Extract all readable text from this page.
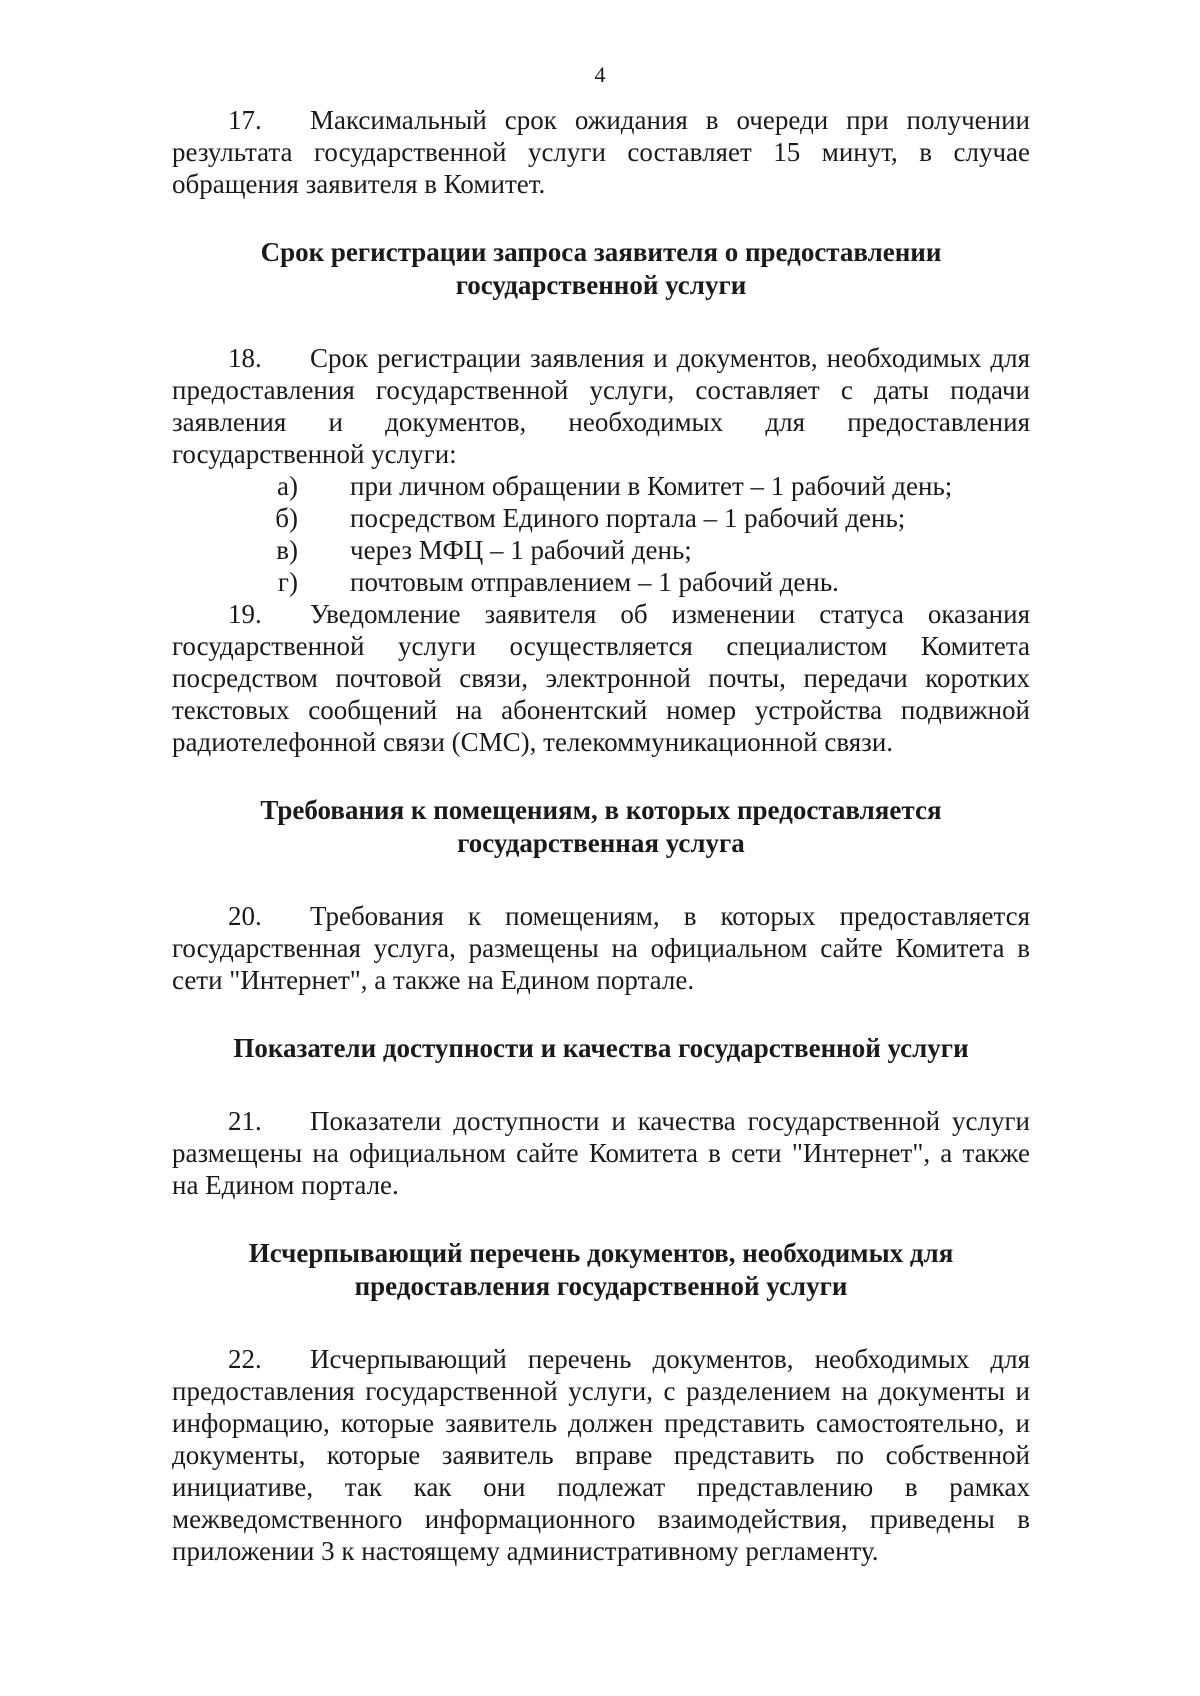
4

17. Максимальный срок ожидания в очереди при получении результата государственной услуги составляет 15 минут, в случае обращения заявителя в Комитет.

Срок регистрации запроса заявителя о предоставлении
государственной услуги

18. Срок регистрации заявления и документов, необходимых для предоставления государственной услуги, составляет с даты подачи заявления и документов, необходимых для предоставления государственной услуги:

а)	при личном обращении в Комитет – 1 рабочий день;
б)	посредством Единого портала – 1 рабочий день;
в)	через МФЦ – 1 рабочий день;
г)	почтовым отправлением – 1 рабочий день.

19. Уведомление заявителя об изменении статуса оказания государственной услуги осуществляется специалистом Комитета посредством почтовой связи, электронной почты, передачи коротких текстовых сообщений на абонентский номер устройства подвижной радиотелефонной связи (СМС), телекоммуникационной связи.

Требования к помещениям, в которых предоставляется
государственная услуга

20. Требования к помещениям, в которых предоставляется государственная услуга, размещены на официальном сайте Комитета в сети "Интернет", а также на Едином портале.

Показатели доступности и качества государственной услуги

21. Показатели доступности и качества государственной услуги размещены на официальном сайте Комитета в сети "Интернет", а также на Едином портале.

Исчерпывающий перечень документов, необходимых для
предоставления государственной услуги

22. Исчерпывающий перечень документов, необходимых для предоставления государственной услуги, с разделением на документы и информацию, которые заявитель должен представить самостоятельно, и документы, которые заявитель вправе представить по собственной инициативе, так как они подлежат представлению в рамках межведомственного информационного взаимодействия, приведены в приложении 3 к настоящему административному регламенту.
